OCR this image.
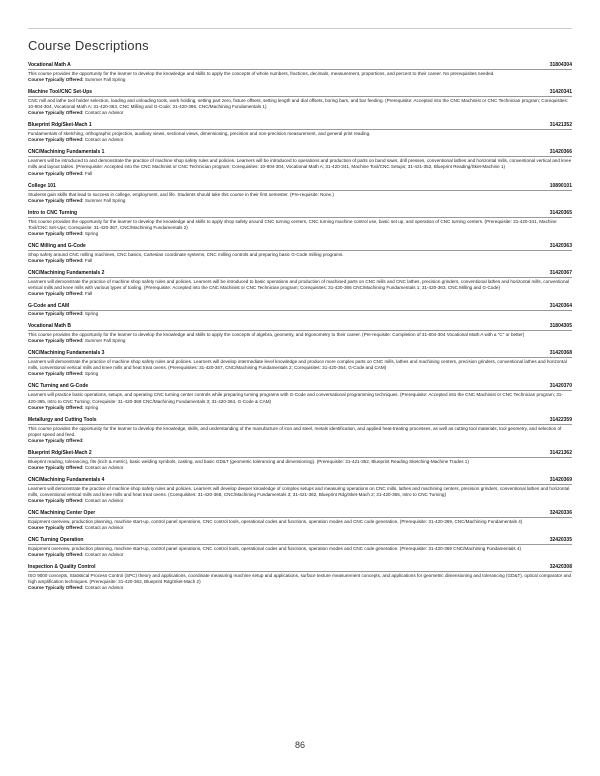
Course Descriptions
Vocational Math A	31804304
This course provides the opportunity for the learner to develop the knowledge and skills to apply the concepts of whole numbers, fractions, decimals, measurement, proportions, and percent to their career. No prerequisites needed.
Course Typically Offered: Summer Fall Spring
Machine Tool/CNC Set-Ups	31420341
CNC mill and lathe tool holder selection, loading and unloading tools, work holding, setting part zero, fixture offsets, setting length and dial offsets, boring bars, and bar feeding. (Prerequisite: Accepted into the CNC Machinist or CNC Technician program; Corequisites: 10-804-304, Vocational Math A; 31-420-363, CNC Milling and G-Code; 31-420-366, CNC/Machining Fundamentals 1)
Course Typically Offered: Contact an Advisor
Blueprint Rdg/Sket-Mach 1	31421352
Fundamentals of sketching, orthographic projection, auxiliary views, sectional views, dimensioning, precision and non-precision measurement, and general print reading.
Course Typically Offered: Contact an Advisor
CNC/Machining Fundamentals 1	31420366
Learners will be introduced to and demonstrate the practice of machine shop safety rules and policies. Learners will be introduced to operations and production of parts on band saws, drill presses, conventional lathes and horizontal mills, conventional vertical and knee mills and layout tables. (Prerequisite: Accepted into the CNC Machinist or CNC Technician program; Corequisites: 10-804-304, Vocational Math A; 31-420-341, Machine Tool/CNC Setups; 31-421-352, Blueprint Reading/Sket-Machine 1)
Course Typically Offered: Fall
College 101	10890101
Students gain skills that lead to success in college, employment, and life. Students should take this course in their first semester. (Pre-requisite: None.)
Course Typically Offered: Summer Fall Spring
Intro to CNC Turning	31420365
This course provides the opportunity for the learner to develop the knowledge and skills to apply shop safety around CNC turning centers, CNC turning machine control use, basic set up, and operation of CNC turning centers. (Prerequisite: 31-420-341, Machine Tool/CNC Set-Ups; Corequisite: 31-420-367, CNC/Machining Fundamentals 2)
Course Typically Offered: Spring
CNC Milling and G-Code	31420363
Shop safety around CNC milling machines, CNC basics, Cartesian coordinate systems, CNC milling controls and preparing basic G-Code milling programs.
Course Typically Offered: Fall
CNC/Machining Fundamentals 2	31420367
Learners will demonstrate the practice of machine shop safety rules and policies. Learners will be introduced to basic operations and production of machined parts on CNC mills and CNC lathes, precision grinders, conventional lathes and horizontal mills, conventional vertical mills and knee mills with various types of tooling. (Prerequisite: Accepted into the CNC Machinist or CNC Technician program; Corequisites: 31-420-366 CNC/Machining Fundamentals 1; 31-420-363, CNC Milling and G-Code)
Course Typically Offered: Fall
G-Code and CAM	31420364
Course Typically Offered: Spring
Vocational Math B	31804305
This course provides the opportunity for the learner to develop the knowledge and skills to apply the concepts of algebra, geometry, and trigonometry to their career. (Pre-requisite: Completion of 31-804-304 Vocational Math A with a "C" or better)
Course Typically Offered: Summer Fall Spring
CNC/Machining Fundamentals 3	31420368
Learners will demonstrate the practice of machine shop safety rules and policies. Learners will develop intermediate level knowledge and produce more complex parts on CNC mills, lathes and machining centers, precision grinders, conventional lathes and horizontal mills, conventional vertical mills and knee mills and heat treat ovens. (Prerequisites: 31-420-367, CNC/Machining Fundamentals 2; Corequisites: 31-420-364, G-Code and CAM)
Course Typically Offered: Spring
CNC Turning and G-Code	31420370
Learners will practice basic operations, setups, and operating CNC turning center controls while preparing turning programs with G-Code and conversational programming techniques. (Prerequisite: Accepted into the CNC Machinist or CNC Technician program; 31-420-365, Intro to CNC Turning; Corequisite: 31-420-368 CNC/Machining Fundamentals 3; 31-420-364, G-Code & CAM)
Course Typically Offered: Spring
Metallurgy and Cutting Tools	31422359
This course provides the opportunity for the learner to develop the knowledge, skills, and understanding of the manufacture of iron and steel, metals identification, and applied heat-treating processes, as well as cutting tool materials, tool geometry, and selection of proper speed and feed.
Course Typically Offered:
Blueprint Rdg/Sket-Mach 2	31421362
Blueprint reading, tolerancing, fits (inch & metric), basic welding symbols, casting, and basic GD&T (geometric tolerancing and dimensioning). (Prerequisite: 31-421-352, Blueprint Reading Sketching-Machine Trades 1)
Course Typically Offered: Contact an Advisor
CNC/Machining Fundamentals 4	31420369
Learners will demonstrate the practice of machine shop safety rules and policies. Learners will develop deeper knowledge of complex setups and measuring operations on CNC mills, lathes and machining centers, precision grinders, conventional lathes and horizontal mills, conventional vertical mills and knee mills and heat treat ovens. (Corequisites: 31-420-368, CNC/Machining Fundamentals 3; 31-421-362, Blueprint Rdg/Sket-Mach 2; 31-420-365, Intro to CNC Turning)
Course Typically Offered: Contact an Advisor
CNC Machining Center Oper	32420336
Equipment overview, production planning, machine start-up, control panel operations, CNC control tools, operational codes and functions, operation modes and CNC code generation. (Prerequisite: 31-420-369, CNC/Machining Fundamentals 4)
Course Typically Offered: Contact an Advisor
CNC Turning Operation	32420335
Equipment overview, production planning, machine start-up, control panel operations, CNC control tools, operational codes and functions, operation modes and CNC code generation. (Prerequisite: 31-420-369 CNC/Machining Fundamentals 4)
Course Typically Offered: Contact an Advisor
Inspection & Quality Control	32420308
ISO 9000 concepts, Statistical Process Control (SPC) theory and applications, coordinate measuring machine setup and applications, surface texture measurement concepts, and applications for geometric dimensioning and tolerancing (GD&T), optical comparator and high amplification techniques. (Prerequisite: 31-420-362, Blueprint Rdg/Sket-Mach 2)
Course Typically Offered: Contact an Advisor
86
